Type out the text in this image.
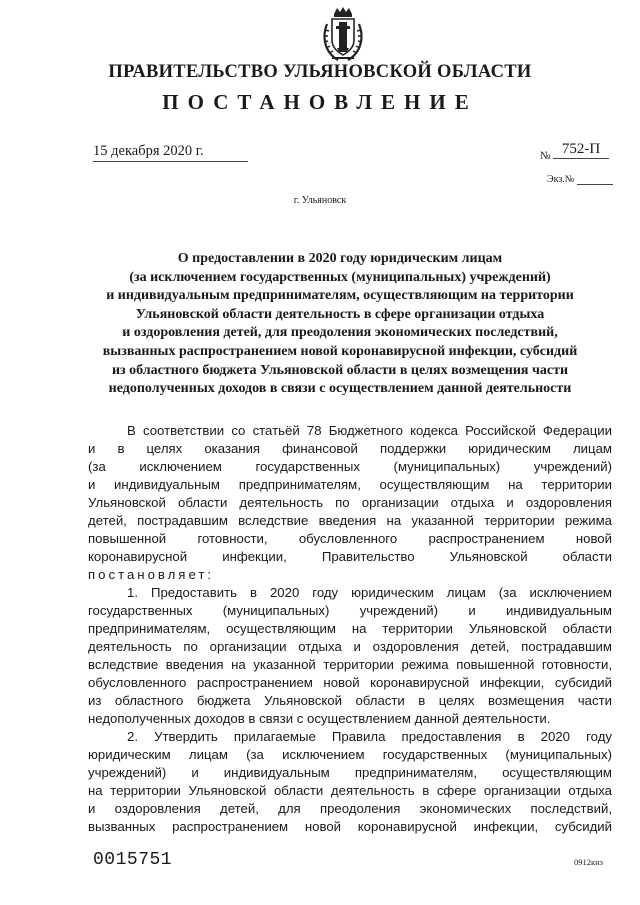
ПРАВИТЕЛЬСТВО УЛЬЯНОВСКОЙ ОБЛАСТИ
ПОСТАНОВЛЕНИЕ
15 декабря 2020 г.	№ 752-П
Экз.№
г. Ульяновск
О предоставлении в 2020 году юридическим лицам
(за исключением государственных (муниципальных) учреждений)
и индивидуальным предпринимателям, осуществляющим на территории
Ульяновской области деятельность в сфере организации отдыха
и оздоровления детей, для преодоления экономических последствий,
вызванных распространением новой коронавирусной инфекции, субсидий
из областного бюджета Ульяновской области в целях возмещения части
недополученных доходов в связи с осуществлением данной деятельности
В соответствии со статьёй 78 Бюджетного кодекса Российской Федерации
и в целях оказания финансовой поддержки юридическим лицам
(за исключением государственных (муниципальных) учреждений)
и индивидуальным предпринимателям, осуществляющим на территории
Ульяновской области деятельность по организации отдыха и оздоровления
детей, пострадавшим вследствие введения на указанной территории режима
повышенной готовности, обусловленного распространением новой
коронавирусной инфекции, Правительство Ульяновской области
постановляет:
1. Предоставить в 2020 году юридическим лицам (за исключением
государственных (муниципальных) учреждений) и индивидуальным
предпринимателям, осуществляющим на территории Ульяновской области
деятельность по организации отдыха и оздоровления детей, пострадавшим
вследствие введения на указанной территории режима повышенной готовности,
обусловленного распространением новой коронавирусной инфекции, субсидий
из областного бюджета Ульяновской области в целях возмещения части
недополученных доходов в связи с осуществлением данной деятельности.
2. Утвердить прилагаемые Правила предоставления в 2020 году
юридическим лицам (за исключением государственных (муниципальных)
учреждений) и индивидуальным предпринимателям, осуществляющим
на территории Ульяновской области деятельность в сфере организации отдыха
и оздоровления детей, для преодоления экономических последствий,
вызванных распространением новой коронавирусной инфекции, субсидий
0015751	0912кнз
